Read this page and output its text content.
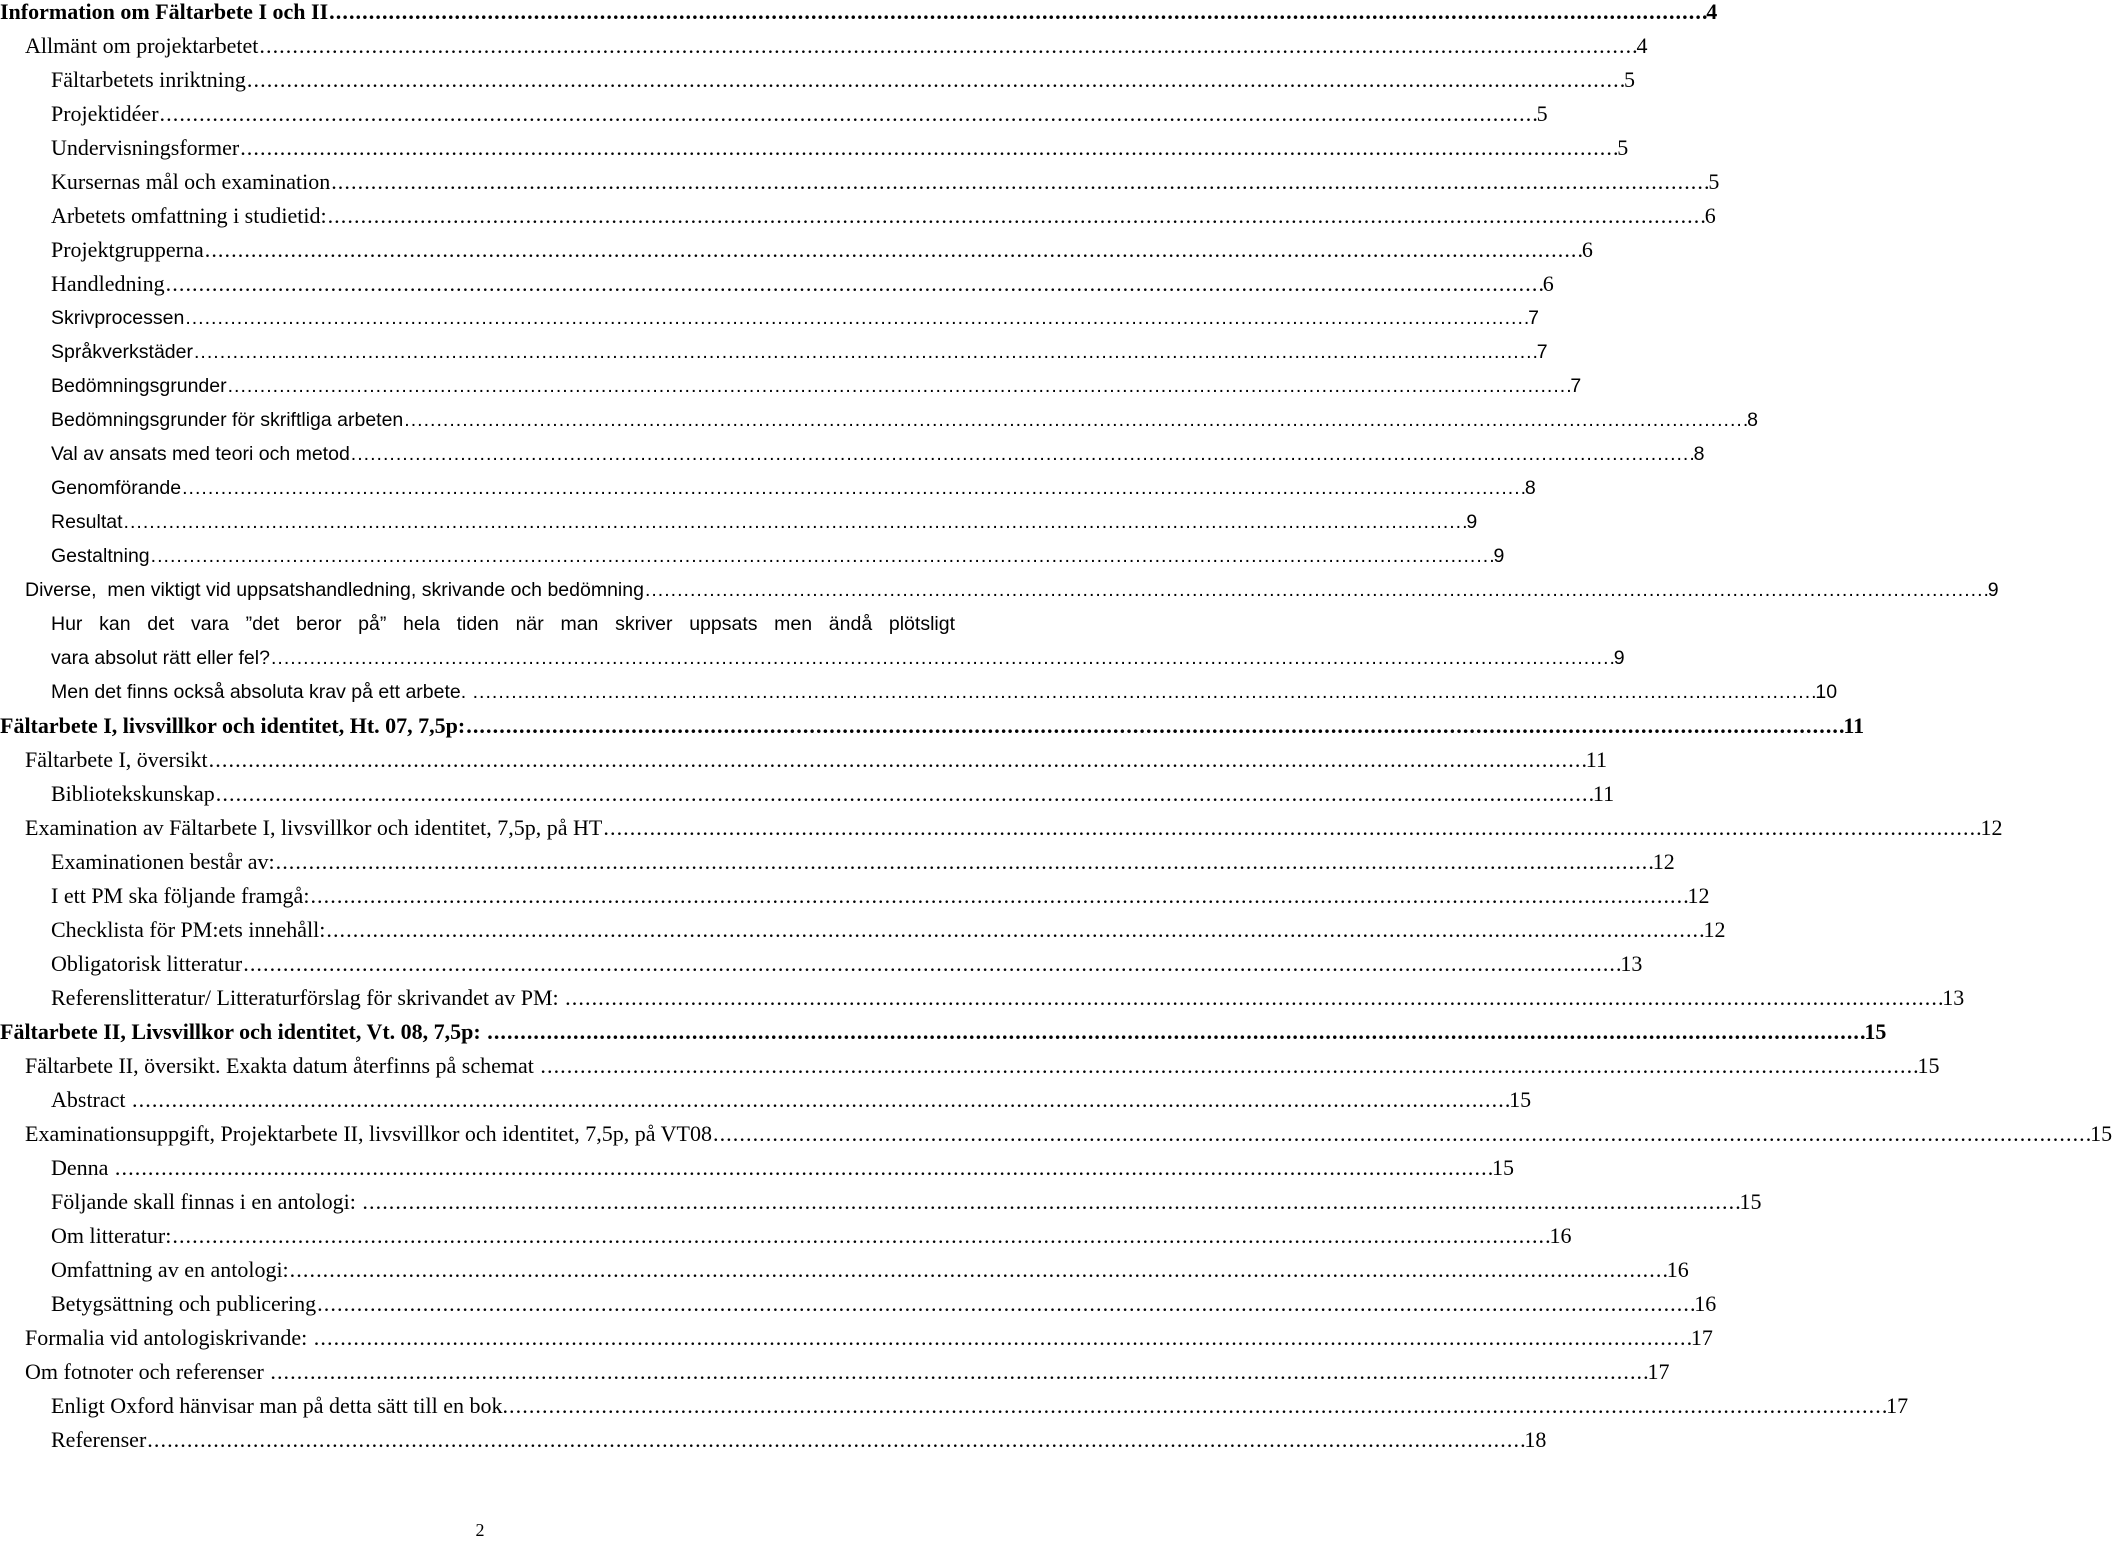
Information om Fältarbete I och II . . .	4
Allmänt om projektarbetet . . .	4
Fältarbetets inriktning . . .	5
Projektidéer . . .	5
Undervisningsformer . . .	5
Kursernas mål och examination . . .	5
Arbetets omfattning i studietid: . . .	6
Projektgrupperna . . .	6
Handledning . . .	6
Skrivprocessen . . .	7
Språkverkstäder . . .	7
Bedömningsgrunder . . .	7
Bedömningsgrunder för skriftliga arbeten . . .	8
Val av ansats med teori och metod . . .	8
Genomförande . . .	8
Resultat . . .	9
Gestaltning . . .	9
Diverse,  men viktigt vid uppsatshandledning, skrivande och bedömning . . .	9
Hur kan det vara ”det beror på” hela tiden när man skriver uppsats men ändå plötsligt
vara absolut rätt eller fel? . . .	9
Men det finns också absoluta krav på ett arbete. . . .	10
Fältarbete I, livsvillkor och identitet, Ht. 07, 7,5p: . . .	11
Fältarbete I, översikt . . .	11
Bibliotekskunskap . . .	11
Examination av Fältarbete I, livsvillkor och identitet, 7,5p, på HT . . .	12
Examinationen består av: . . .	12
I ett PM ska följande framgå: . . .	12
Checklista för PM:ets innehåll: . . .	12
Obligatorisk litteratur . . .	13
Referenslitteratur/ Litteraturförslag för skrivandet av PM: . . .	13
Fältarbete II, Livsvillkor och identitet, Vt. 08, 7,5p: . . .	15
Fältarbete II, översikt. Exakta datum återfinns på schemat . . .	15
Abstract . . .	15
Examinationsuppgift, Projektarbete II, livsvillkor och identitet, 7,5p, på VT08 . . .	15
Denna . . .	15
Följande skall finnas i en antologi: . . .	15
Om litteratur: . . .	16
Omfattning av en antologi: . . .	16
Betygsättning och publicering . . .	16
Formalia vid antologiskrivande: . . .	17
Om fotnoter och referenser . . .	17
Enligt Oxford hänvisar man på detta sätt till en bok. . . .	17
Referenser . . .	18
2
